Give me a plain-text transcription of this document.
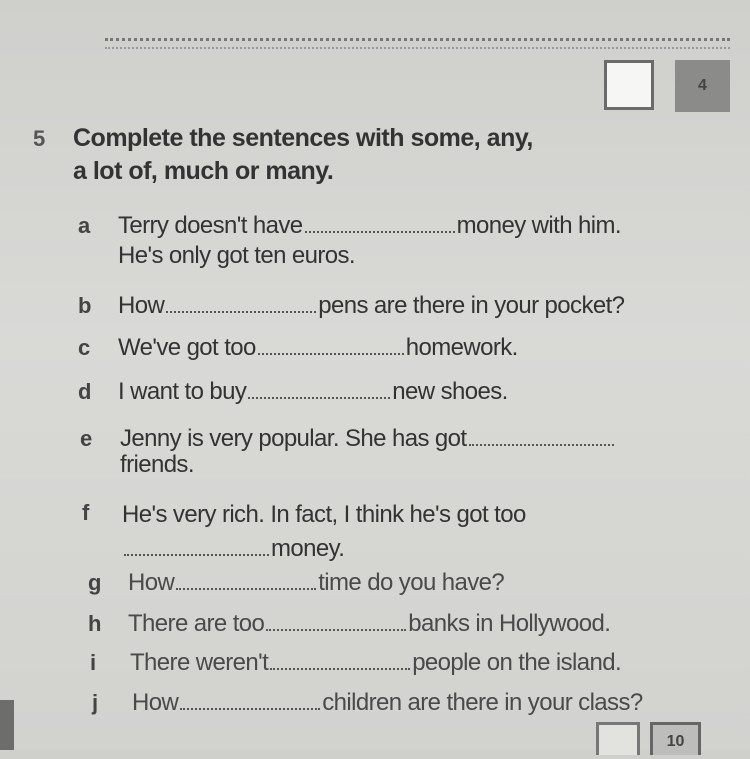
4
5 Complete the sentences with some, any,
a lot of, much or many.
a Terry doesn't have	money with him.
He's only got ten euros.
b How	pens are there in your pocket?
c We've got too	homework.
d I want to buy	new shoes.
e Jenny is very popular. She has got
friends.
f He's very rich. In fact, I think he's got too
money.
g How	time do you have?
h There are too	banks in Hollywood.
i There weren't	people on the island.
j How	children are there in your class?
10
